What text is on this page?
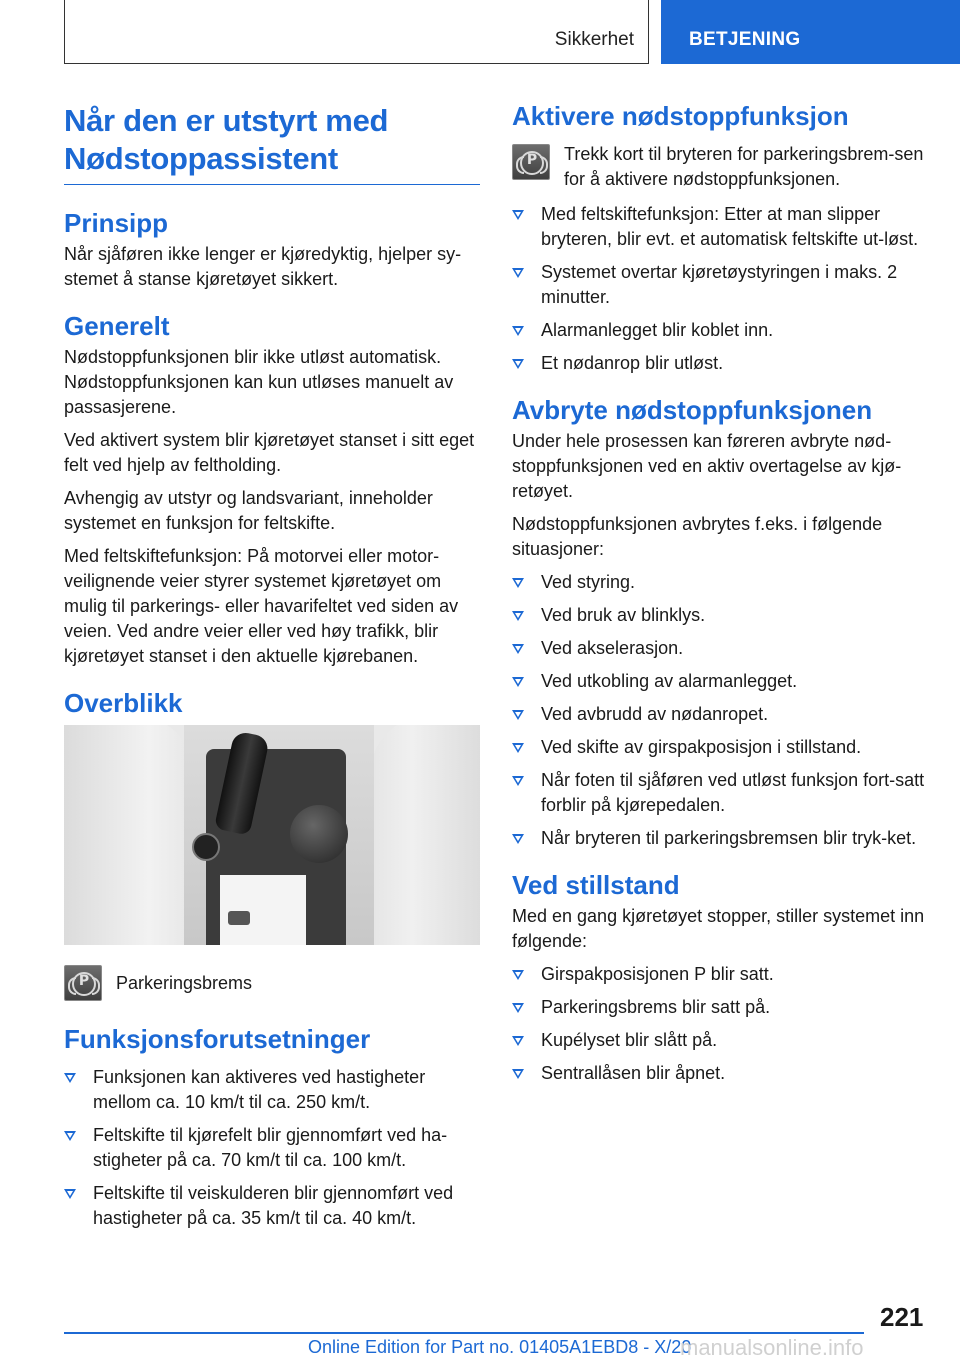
Sikkerhet	BETJENING
Når den er utstyrt med
Nødstoppassistent
Prinsipp

Når sjåføren ikke lenger er kjøredyktig, hjelper sy-stemet å stanse kjøretøyet sikkert.

Generelt

Nødstoppfunksjonen blir ikke utløst automatisk. Nødstoppfunksjonen kan kun utløses manuelt av passasjerene.

Ved aktivert system blir kjøretøyet stanset i sitt eget felt ved hjelp av feltholding.

Avhengig av utstyr og landsvariant, inneholder systemet en funksjon for feltskifte.

Med feltskiftefunksjon: På motorvei eller motor-veilignende veier styrer systemet kjøretøyet om mulig til parkerings- eller havarifeltet ved siden av veien. Ved andre veier eller ved høy trafikk, blir kjøretøyet stanset i den aktuelle kjørebanen.

Overblikk
P	Parkeringsbrems

Funksjonsforutsetninger
Funksjonen kan aktiveres ved hastigheter mellom ca. 10 km/t til ca. 250 km/t.
Feltskifte til kjørefelt blir gjennomført ved ha-stigheter på ca. 70 km/t til ca. 100 km/t.
Feltskifte til veiskulderen blir gjennomført ved hastigheter på ca. 35 km/t til ca. 40 km/t.
Aktivere nødstoppfunksjon
P	Trekk kort til bryteren for parkeringsbrem-sen for å aktivere nødstoppfunksjonen.

Med feltskiftefunksjon: Etter at man slipper bryteren, blir evt. et automatisk feltskifte ut-løst.
Systemet overtar kjøretøystyringen i maks. 2 minutter.
Alarmanlegget blir koblet inn.
Et nødanrop blir utløst.
Avbryte nødstoppfunksjonen

Under hele prosessen kan føreren avbryte nød-stoppfunksjonen ved en aktiv overtagelse av kjø-retøyet.

Nødstoppfunksjonen avbrytes f.eks. i følgende situasjoner:

Ved styring.
Ved bruk av blinklys.
Ved akselerasjon.
Ved utkobling av alarmanlegget.
Ved avbrudd av nødanropet.
Ved skifte av girspakposisjon i stillstand.
Når foten til sjåføren ved utløst funksjon fort-satt forblir på kjørepedalen.
Når bryteren til parkeringsbremsen blir tryk-ket.
Ved stillstand

Med en gang kjøretøyet stopper, stiller systemet inn følgende:

Girspakposisjonen P blir satt.
Parkeringsbrems blir satt på.
Kupélyset blir slått på.
Sentrallåsen blir åpnet.
221
Online Edition for Part no. 01405A1EBD8 - X/20
manualsonline.info
